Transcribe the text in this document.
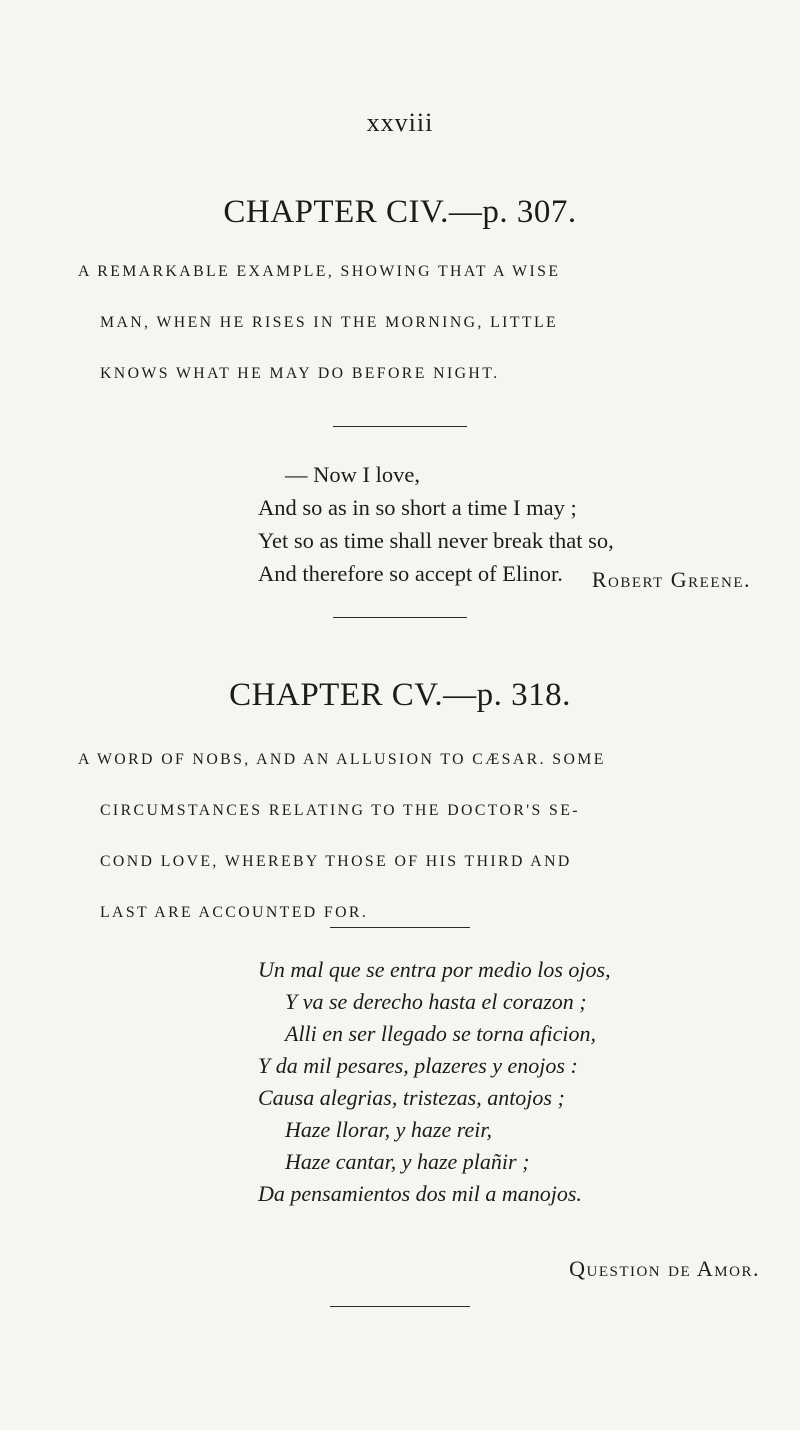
xxviii
CHAPTER CIV.—p. 307.
A REMARKABLE EXAMPLE, SHOWING THAT A WISE
MAN, WHEN HE RISES IN THE MORNING, LITTLE
KNOWS WHAT HE MAY DO BEFORE NIGHT.
— Now I love,
And so as in so short a time I may ;
Yet so as time shall never break that so,
And therefore so accept of Elinor. Robert Greene.
CHAPTER CV.—p. 318.
A WORD OF NOBS, AND AN ALLUSION TO CÆSAR. SOME
CIRCUMSTANCES RELATING TO THE DOCTOR'S SE-
COND LOVE, WHEREBY THOSE OF HIS THIRD AND
LAST ARE ACCOUNTED FOR.
Un mal que se entra por medio los ojos,
Y va se derecho hasta el corazon ;
Alli en ser llegado se torna aficion,
Y da mil pesares, plazeres y enojos :
Causa alegrias, tristezas, antojos ;
Haze llorar, y haze reir,
Haze cantar, y haze plañir ;
Da pensamientos dos mil a manojos.
Question de Amor.
